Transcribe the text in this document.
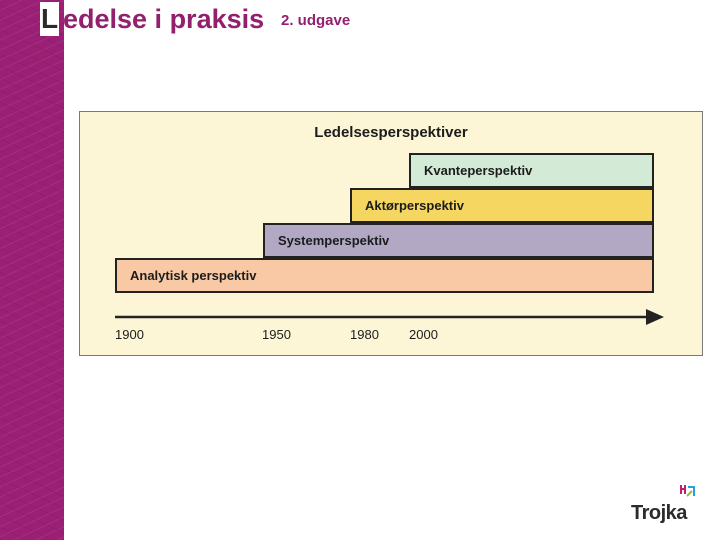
L edelse i praksis 2. udgave
Ledelsesperspektiver
Kvanteperspektiv
Aktørperspektiv
Systemperspektiv
Analytisk perspektiv
1900	1950	1980 2000
Trojka
